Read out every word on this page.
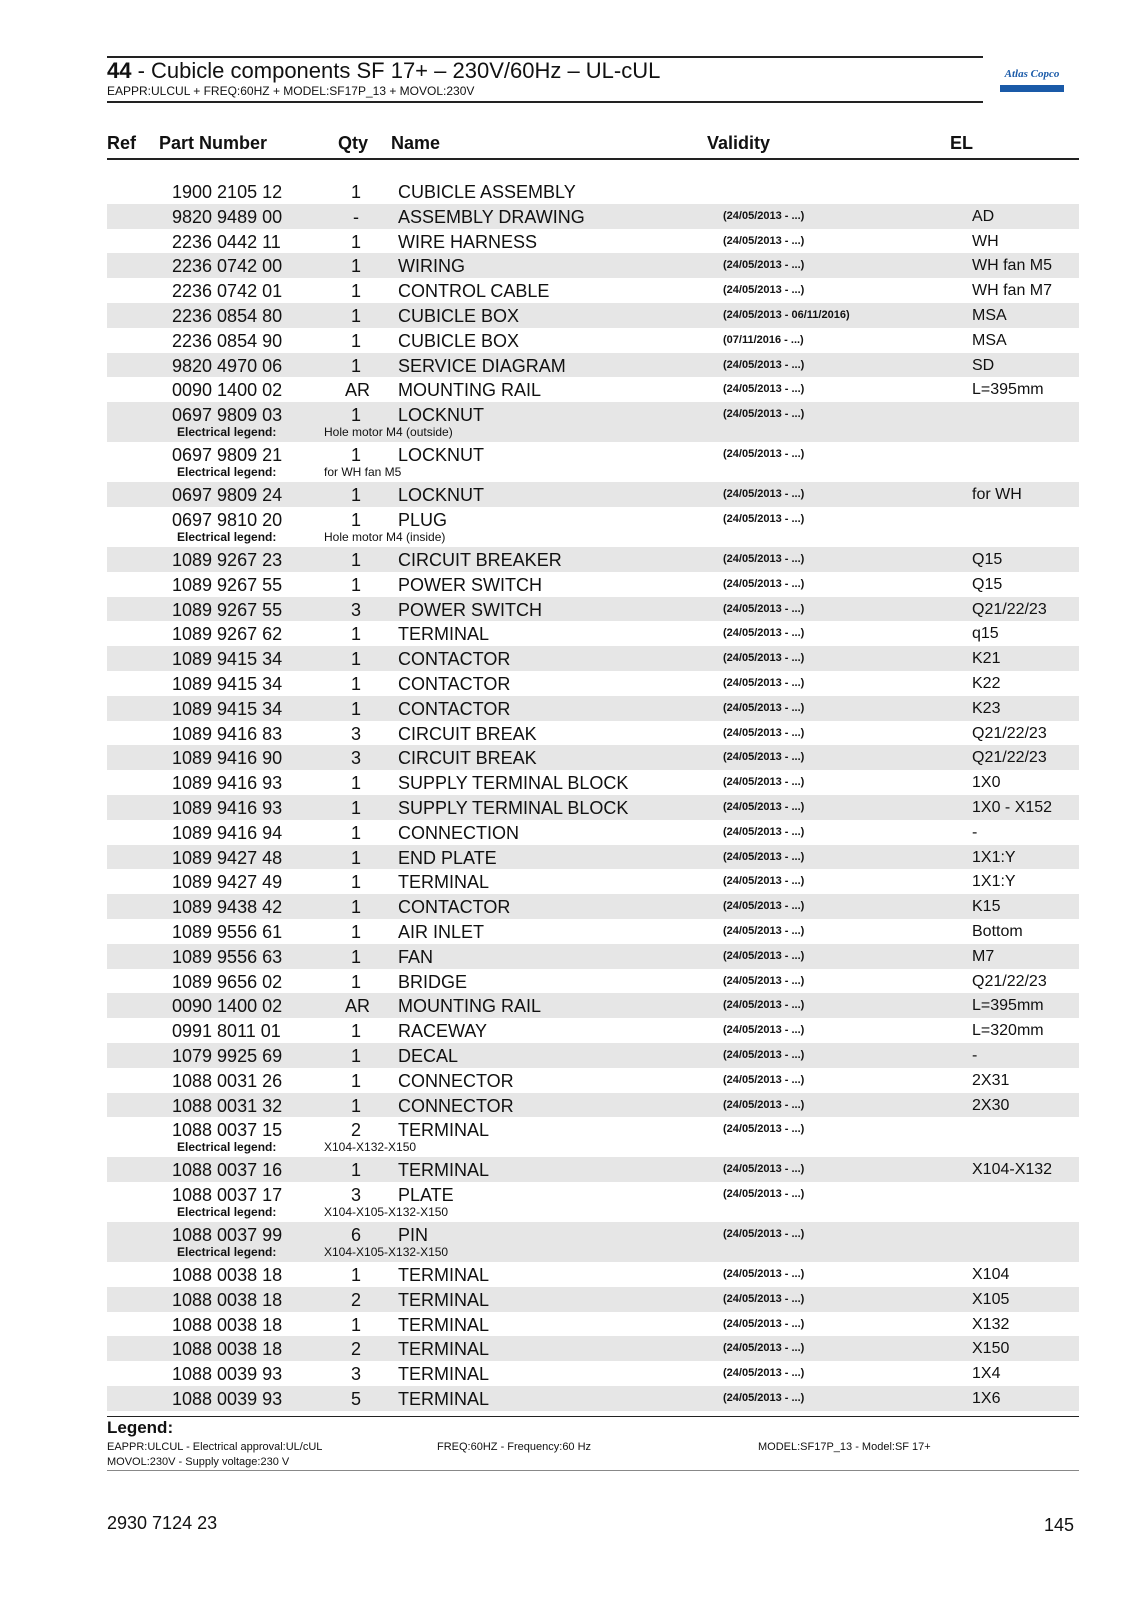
44 - Cubicle components SF 17+ – 230V/60Hz – UL-cUL
EAPPR:ULCUL + FREQ:60HZ + MODEL:SF17P_13 + MOVOL:230V
Atlas Copco
Ref Part Number	Qty Name	Validity	EL
1900 2105 12	1	CUBICLE ASSEMBLY
9820 9489 00	-	ASSEMBLY DRAWING	(24/05/2013 - ...)	AD
2236 0442 11	1	WIRE HARNESS	(24/05/2013 - ...)	WH
2236 0742 00	1	WIRING	(24/05/2013 - ...)	WH fan M5
2236 0742 01	1	CONTROL CABLE	(24/05/2013 - ...)	WH fan M7
2236 0854 80	1	CUBICLE BOX	(24/05/2013 - 06/11/2016)	MSA
2236 0854 90	1	CUBICLE BOX	(07/11/2016 - ...)	MSA
9820 4970 06	1	SERVICE DIAGRAM	(24/05/2013 - ...)	SD
0090 1400 02	AR MOUNTING RAIL	(24/05/2013 - ...)	L=395mm
0697 9809 03	1	LOCKNUT	(24/05/2013 - ...)
Electrical legend:	Hole motor M4 (outside)
0697 9809 21	1	LOCKNUT	(24/05/2013 - ...)
Electrical legend:	for WH fan M5
0697 9809 24	1	LOCKNUT	(24/05/2013 - ...)	for WH
0697 9810 20	1	PLUG	(24/05/2013 - ...)
Electrical legend:	Hole motor M4 (inside)
1089 9267 23	1	CIRCUIT BREAKER	(24/05/2013 - ...)	Q15
1089 9267 55	1	POWER SWITCH	(24/05/2013 - ...)	Q15
1089 9267 55	3	POWER SWITCH	(24/05/2013 - ...)	Q21/22/23
1089 9267 62	1	TERMINAL	(24/05/2013 - ...)	q15
1089 9415 34	1	CONTACTOR	(24/05/2013 - ...)	K21
1089 9415 34	1	CONTACTOR	(24/05/2013 - ...)	K22
1089 9415 34	1	CONTACTOR	(24/05/2013 - ...)	K23
1089 9416 83	3	CIRCUIT BREAK	(24/05/2013 - ...)	Q21/22/23
1089 9416 90	3	CIRCUIT BREAK	(24/05/2013 - ...)	Q21/22/23
1089 9416 93	1	SUPPLY TERMINAL BLOCK	(24/05/2013 - ...)	1X0
1089 9416 93	1	SUPPLY TERMINAL BLOCK	(24/05/2013 - ...)	1X0 - X152
1089 9416 94	1	CONNECTION	(24/05/2013 - ...)	-
1089 9427 48	1	END PLATE	(24/05/2013 - ...)	1X1:Y
1089 9427 49	1	TERMINAL	(24/05/2013 - ...)	1X1:Y
1089 9438 42	1	CONTACTOR	(24/05/2013 - ...)	K15
1089 9556 61	1	AIR INLET	(24/05/2013 - ...)	Bottom
1089 9556 63	1	FAN	(24/05/2013 - ...)	M7
1089 9656 02	1	BRIDGE	(24/05/2013 - ...)	Q21/22/23
0090 1400 02	AR MOUNTING RAIL	(24/05/2013 - ...)	L=395mm
0991 8011 01	1	RACEWAY	(24/05/2013 - ...)	L=320mm
1079 9925 69	1	DECAL	(24/05/2013 - ...)	-
1088 0031 26	1	CONNECTOR	(24/05/2013 - ...)	2X31
1088 0031 32	1	CONNECTOR	(24/05/2013 - ...)	2X30
1088 0037 15	2	TERMINAL	(24/05/2013 - ...)
Electrical legend:	X104-X132-X150
1088 0037 16	1	TERMINAL	(24/05/2013 - ...)	X104-X132
1088 0037 17	3	PLATE	(24/05/2013 - ...)
Electrical legend:	X104-X105-X132-X150
1088 0037 99	6	PIN	(24/05/2013 - ...)
Electrical legend:	X104-X105-X132-X150
1088 0038 18	1	TERMINAL	(24/05/2013 - ...)	X104
1088 0038 18	2	TERMINAL	(24/05/2013 - ...)	X105
1088 0038 18	1	TERMINAL	(24/05/2013 - ...)	X132
1088 0038 18	2	TERMINAL	(24/05/2013 - ...)	X150
1088 0039 93	3	TERMINAL	(24/05/2013 - ...)	1X4
1088 0039 93	5	TERMINAL	(24/05/2013 - ...)	1X6
Legend:
EAPPR:ULCUL - Electrical approval:UL/cUL	FREQ:60HZ - Frequency:60 Hz	MODEL:SF17P_13 - Model:SF 17+
MOVOL:230V - Supply voltage:230 V
2930 7124 23	145
